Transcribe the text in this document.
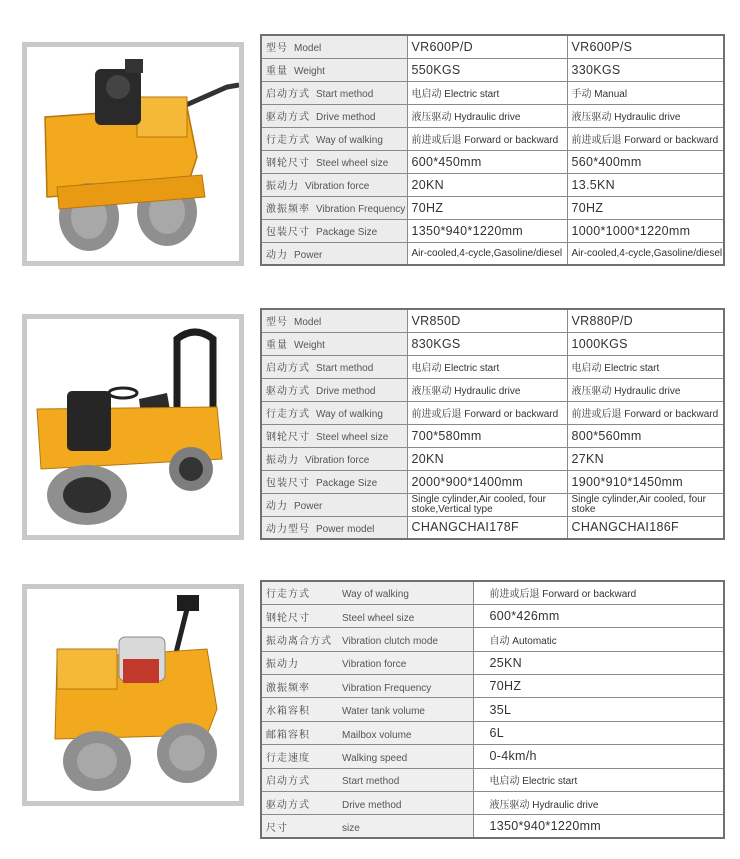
型号 Model	VR600P/D	VR600P/S
重量 Weight	550KGS	330KGS
启动方式 Start method	电启动 Electric start	手动 Manual
驱动方式 Drive method	液压驱动 Hydraulic drive	液压驱动 Hydraulic drive
行走方式 Way of walking	前进或后退 Forward or backward	前进或后退 Forward or backward
钢轮尺寸 Steel wheel size	600*450mm	560*400mm
振动力 Vibration force	20KN	13.5KN
激振频率 Vibration Frequency	70HZ	70HZ
包装尺寸 Package Size	1350*940*1220mm	1000*1000*1220mm
动力 Power	Air-cooled,4-cycle,Gasoline/diesel	Air-cooled,4-cycle,Gasoline/diesel
型号 Model	VR850D	VR880P/D
重量 Weight	830KGS	1000KGS
启动方式 Start method	电启动 Electric start	电启动 Electric start
驱动方式 Drive method	液压驱动 Hydraulic drive	液压驱动 Hydraulic drive
行走方式 Way of walking	前进或后退 Forward or backward	前进或后退 Forward or backward
钢轮尺寸 Steel wheel size	700*580mm	800*560mm
振动力 Vibration force	20KN	27KN
包装尺寸 Package Size	2000*900*1400mm	1900*910*1450mm
动力 Power	Single cylinder,Air cooled, four stoke,Vertical type	Single cylinder,Air cooled, four stoke
动力型号 Power model	CHANGCHAI178F	CHANGCHAI186F
行走方式 Way of walking	前进或后退 Forward or backward
钢轮尺寸 Steel wheel size	600*426mm
振动离合方式 Vibration clutch mode	自动 Automatic
振动力 Vibration force	25KN
激振频率 Vibration Frequency	70HZ
水箱容积 Water tank volume	35L
邮箱容积 Mailbox volume	6L
行走速度 Walking speed	0-4km/h
启动方式 Start method	电启动 Electric start
驱动方式 Drive method	液压驱动 Hydraulic drive
尺寸 size	1350*940*1220mm
